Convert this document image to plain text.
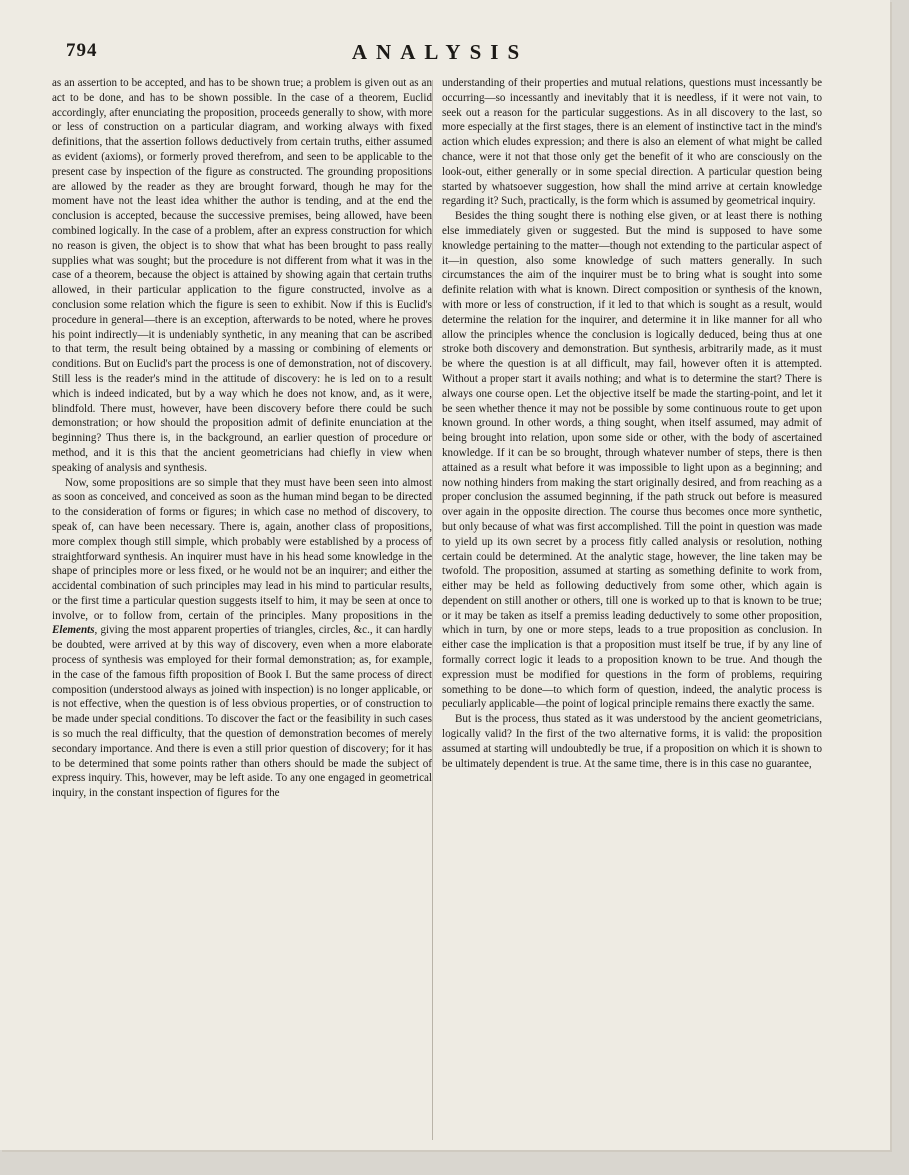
794	ANALYSIS

as an assertion to be accepted, and has to be shown true; a problem is given out as an act to be done, and has to be shown possible. In the case of a theorem, Euclid accordingly, after enunciating the proposition, proceeds generally to show, with more or less of construction on a particular diagram, and working always with fixed definitions, that the assertion follows deductively from certain truths, either assumed as evident (axioms), or formerly proved therefrom, and seen to be applicable to the present case by inspection of the figure as constructed. The grounding propositions are allowed by the reader as they are brought forward, though he may for the moment have not the least idea whither the author is tending, and at the end the conclusion is accepted, because the successive premises, being allowed, have been combined logically. In the case of a problem, after an express construction for which no reason is given, the object is to show that what has been brought to pass really supplies what was sought; but the procedure is not different from what it was in the case of a theorem, because the object is attained by showing again that certain truths allowed, in their particular application to the figure constructed, involve as a conclusion some relation which the figure is seen to exhibit. Now if this is Euclid's procedure in general—there is an exception, afterwards to be noted, where he proves his point indirectly—it is undeniably synthetic, in any meaning that can be ascribed to that term, the result being obtained by a massing or combining of elements or conditions. But on Euclid's part the process is one of demonstration, not of discovery. Still less is the reader's mind in the attitude of discovery: he is led on to a result which is indeed indicated, but by a way which he does not know, and, as it were, blindfold. There must, however, have been discovery before there could be such demonstration; or how should the proposition admit of definite enunciation at the beginning? Thus there is, in the background, an earlier question of procedure or method, and it is this that the ancient geometricians had chiefly in view when speaking of analysis and synthesis.

Now, some propositions are so simple that they must have been seen into almost as soon as conceived, and conceived as soon as the human mind began to be directed to the consideration of forms or figures; in which case no method of discovery, to speak of, can have been necessary. There is, again, another class of propositions, more complex though still simple, which probably were established by a process of straightforward synthesis. An inquirer must have in his head some knowledge in the shape of principles more or less fixed, or he would not be an inquirer; and either the accidental combination of such principles may lead in his mind to particular results, or the first time a particular question suggests itself to him, it may be seen at once to involve, or to follow from, certain of the principles. Many propositions in the Elements, giving the most apparent properties of triangles, circles, &c., it can hardly be doubted, were arrived at by this way of discovery, even when a more elaborate process of synthesis was employed for their formal demonstration; as, for example, in the case of the famous fifth proposition of Book I. But the same process of direct composition (understood always as joined with inspection) is no longer applicable, or is not effective, when the question is of less obvious properties, or of construction to be made under special conditions. To discover the fact or the feasibility in such cases is so much the real difficulty, that the question of demonstration becomes of merely secondary importance. And there is even a still prior question of discovery; for it has to be determined that some points rather than others should be made the subject of express inquiry. This, however, may be left aside. To any one engaged in geometrical inquiry, in the constant inspection of figures for the

understanding of their properties and mutual relations, questions must incessantly be occurring—so incessantly and inevitably that it is needless, if it were not vain, to seek out a reason for the particular suggestions. As in all discovery to the last, so more especially at the first stages, there is an element of instinctive tact in the mind's action which eludes expression; and there is also an element of what might be called chance, were it not that those only get the benefit of it who are consciously on the look-out, either generally or in some special direction. A particular question being started by whatsoever suggestion, how shall the mind arrive at certain knowledge regarding it? Such, practically, is the form which is assumed by geometrical inquiry.

Besides the thing sought there is nothing else given, or at least there is nothing else immediately given or suggested. But the mind is supposed to have some knowledge pertaining to the matter—though not extending to the particular aspect of it—in question, also some knowledge of such matters generally. In such circumstances the aim of the inquirer must be to bring what is sought into some definite relation with what is known. Direct composition or synthesis of the known, with more or less of construction, if it led to that which is sought as a result, would determine the relation for the inquirer, and determine it in like manner for all who allow the principles whence the conclusion is logically deduced, being thus at one stroke both discovery and demonstration. But synthesis, arbitrarily made, as it must be where the question is at all difficult, may fail, however often it is attempted. Without a proper start it avails nothing; and what is to determine the start? There is always one course open. Let the objective itself be made the starting-point, and let it be seen whether thence it may not be possible by some continuous route to get upon known ground. In other words, a thing sought, when itself assumed, may admit of being brought into relation, upon some side or other, with the body of ascertained knowledge. If it can be so brought, through whatever number of steps, there is then attained as a result what before it was impossible to light upon as a beginning; and now nothing hinders from making the start originally desired, and from reaching as a proper conclusion the assumed beginning, if the path struck out before is measured over again in the opposite direction. The course thus becomes once more synthetic, but only because of what was first accomplished. Till the point in question was made to yield up its own secret by a process fitly called analysis or resolution, nothing certain could be determined. At the analytic stage, however, the line taken may be twofold. The proposition, assumed at starting as something definite to work from, either may be held as following deductively from some other, which again is dependent on still another or others, till one is worked up to that is known to be true; or it may be taken as itself a premiss leading deductively to some other proposition, which in turn, by one or more steps, leads to a true proposition as conclusion. In either case the implication is that a proposition must itself be true, if by any line of formally correct logic it leads to a proposition known to be true. And though the expression must be modified for questions in the form of problems, requiring something to be done—to which form of question, indeed, the analytic process is peculiarly applicable—the point of logical principle remains there exactly the same.

But is the process, thus stated as it was understood by the ancient geometricians, logically valid? In the first of the two alternative forms, it is valid: the proposition assumed at starting will undoubtedly be true, if a proposition on which it is shown to be ultimately dependent is true. At the same time, there is in this case no guarantee,
